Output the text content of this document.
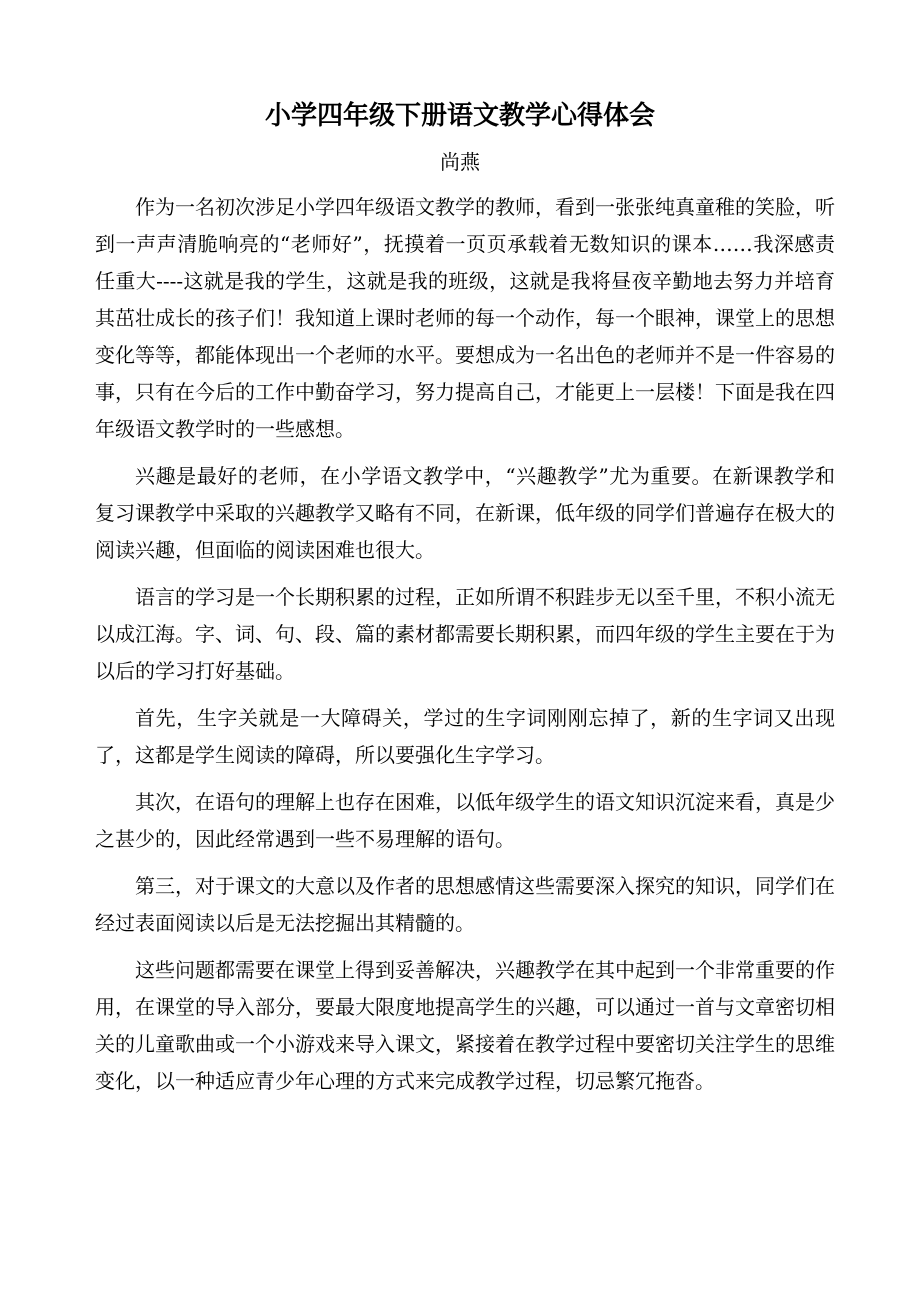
小学四年级下册语文教学心得体会
尚燕

作为一名初次涉足小学四年级语文教学的教师，看到一张张纯真童稚的笑脸，听到一声声清脆响亮的“老师好”，抚摸着一页页承载着无数知识的课本……我深感责任重大----这就是我的学生，这就是我的班级，这就是我将昼夜辛勤地去努力并培育其茁壮成长的孩子们！我知道上课时老师的每一个动作，每一个眼神，课堂上的思想变化等等，都能体现出一个老师的水平。要想成为一名出色的老师并不是一件容易的事，只有在今后的工作中勤奋学习，努力提高自己，才能更上一层楼！下面是我在四年级语文教学时的一些感想。

兴趣是最好的老师，在小学语文教学中，“兴趣教学”尤为重要。在新课教学和复习课教学中采取的兴趣教学又略有不同，在新课，低年级的同学们普遍存在极大的阅读兴趣，但面临的阅读困难也很大。

语言的学习是一个长期积累的过程，正如所谓不积跬步无以至千里，不积小流无以成江海。字、词、句、段、篇的素材都需要长期积累，而四年级的学生主要在于为以后的学习打好基础。

首先，生字关就是一大障碍关，学过的生字词刚刚忘掉了，新的生字词又出现了，这都是学生阅读的障碍，所以要强化生字学习。

其次，在语句的理解上也存在困难，以低年级学生的语文知识沉淀来看，真是少之甚少的，因此经常遇到一些不易理解的语句。

第三，对于课文的大意以及作者的思想感情这些需要深入探究的知识，同学们在经过表面阅读以后是无法挖掘出其精髓的。

这些问题都需要在课堂上得到妥善解决，兴趣教学在其中起到一个非常重要的作用，在课堂的导入部分，要最大限度地提高学生的兴趣，可以通过一首与文章密切相关的儿童歌曲或一个小游戏来导入课文，紧接着在教学过程中要密切关注学生的思维变化，以一种适应青少年心理的方式来完成教学过程，切忌繁冗拖沓。
